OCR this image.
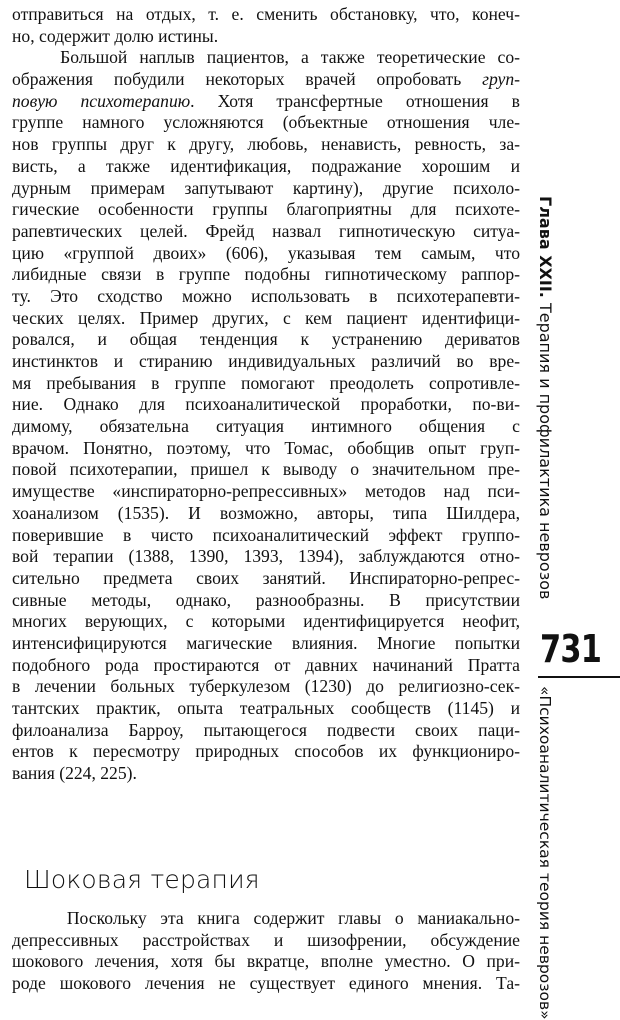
отправиться на отдых, т. е. сменить обстановку, что, конеч-
но, содержит долю истины.
Большой наплыв пациентов, а также теоретические со-
ображения побудили некоторых врачей опробовать груп-
повую психотерапию. Хотя трансфертные отношения в
группе намного усложняются (объектные отношения чле-
нов группы друг к другу, любовь, ненависть, ревность, за-
висть, а также идентификация, подражание хорошим и
дурным примерам запутывают картину), другие психоло-
гические особенности группы благоприятны для психоте-
рапевтических целей. Фрейд назвал гипнотическую ситуа-
цию «группой двоих» (606), указывая тем самым, что
либидные связи в группе подобны гипнотическому раппор-
ту. Это сходство можно использовать в психотерапевти-
ческих целях. Пример других, с кем пациент идентифици-
ровался, и общая тенденция к устранению дериватов
инстинктов и стиранию индивидуальных различий во вре-
мя пребывания в группе помогают преодолеть сопротивле-
ние. Однако для психоаналитической проработки, по-ви-
димому, обязательна ситуация интимного общения с
врачом. Понятно, поэтому, что Томас, обобщив опыт груп-
повой психотерапии, пришел к выводу о значительном пре-
имуществе «инспираторно-репрессивных» методов над пси-
хоанализом (1535). И возможно, авторы, типа Шилдера,
поверившие в чисто психоаналитический эффект группо-
вой терапии (1388, 1390, 1393, 1394), заблуждаются отно-
сительно предмета своих занятий. Инспираторно-репрес-
сивные методы, однако, разнообразны. В присутствии
многих верующих, с которыми идентифицируется неофит,
интенсифицируются магические влияния. Многие попытки
подобного рода простираются от давних начинаний Пратта
в лечении больных туберкулезом (1230) до религиозно-сек-
тантских практик, опыта театральных сообществ (1145) и
филоанализа Барроу, пытающегося подвести своих паци-
ентов к пересмотру природных способов их функциониро-
вания (224, 225).
Шоковая терапия
Поскольку эта книга содержит главы о маниакально-
депрессивных расстройствах и шизофрении, обсуждение
шокового лечения, хотя бы вкратце, вполне уместно. О при-
роде шокового лечения не существует единого мнения. Та-
Глава XXII. Терапия и профилактика неврозов
731
«Психоаналитическая теория неврозов»
